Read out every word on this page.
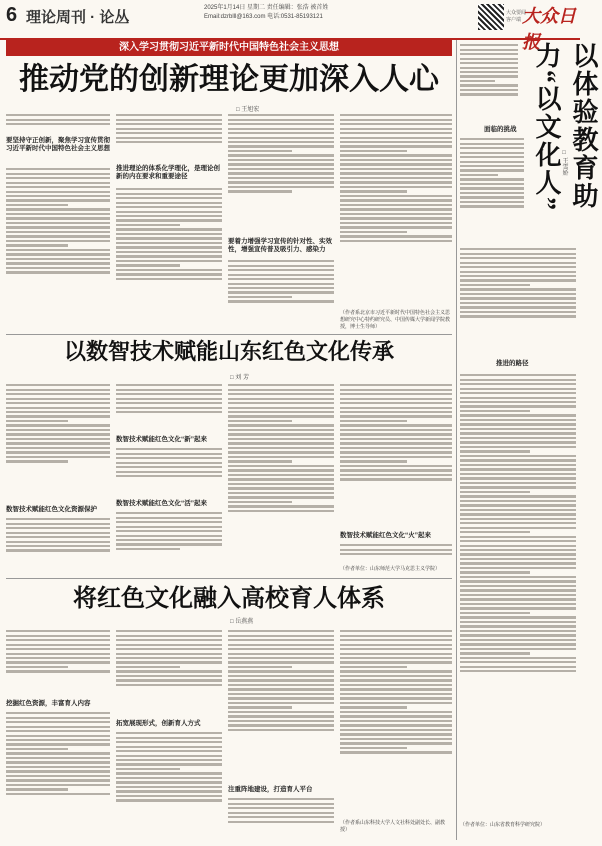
6 理论周刊 · 论丛
2025年1月14日 星期二 责任编辑：张浩 被首姓
Email:dzrblll@163.com 电话:0531-85193121
大众要闻 客户端 大众日报
深入学习贯彻习近平新时代中国特色社会主义思想
推动党的创新理论更加深入人心
□ 王旭宏
要坚持守正创新，聚焦学习宣传贯彻习近平新时代中国特色社会主义思想
推进理论的体系化学理化，是理论创新的内在要求和重要途径
要着力增强学习宣传的针对性、实效性，增强宣传普及吸引力、感染力
（作者系北京市习近平新时代中国特色社会主义思想研究中心特约研究员、中国传媒大学新闻学院教授，博士生导师）
以数智技术赋能山东红色文化传承
□ 刘 芳
数智技术赋能红色文化资源保护
数智技术赋能红色文化“新”起来
数智技术赋能红色文化“活”起来
数智技术赋能红色文化“火”起来
（作者单位：山东师范大学马克思主义学院）
将红色文化融入高校育人体系
□ 岳燕燕
挖掘红色资源，丰富育人内容
拓宽展现形式，创新育人方式
注重阵地建设，打造育人平台
（作者系山东科技大学人文社科处副处长、副教授）
以体验教育助力“以文化人” □ 王雪娇
面临的挑战
推进的路径
（作者单位：山东省教育科学研究院）
